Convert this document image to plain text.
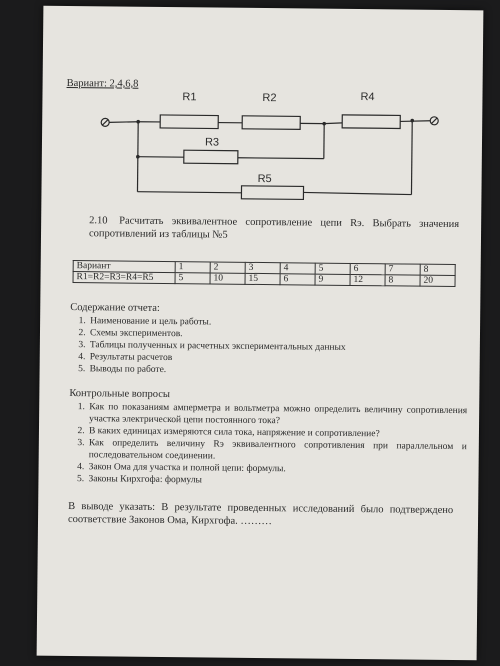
Вариант: 2,4,6,8
R1	R2
R3
R4
R5
2.10 Расчитать эквивалентное сопротивление цепи Rэ. Выбрать значения сопротивлений из таблицы №5
Вариант	1	2	3	4	5	6	7	8
R1=R2=R3=R4=R5	5	10	15	6	9	12	8	20
Содержание отчета:
1. Наименование и цель работы.
2. Схемы экспериментов.
3. Таблицы полученных и расчетных экспериментальных данных
4. Результаты расчетов
5. Выводы по работе.
Контрольные вопросы
1. Как по показаниям амперметра и вольтметра можно определить величину сопротивления участка электрической цепи постоянного тока?
2. В каких единицах измеряются сила тока, напряжение и сопротивление?
3. Как определить величину Rэ эквивалентного сопротивления при параллельном и последовательном соединении.
4. Закон Ома для участка и полной цепи: формулы.
5. Законы Кирхгофа: формулы
В выводе указать: В результате проведенных исследований было подтверждено соответствие Законов Ома, Кирхгофа. ………
